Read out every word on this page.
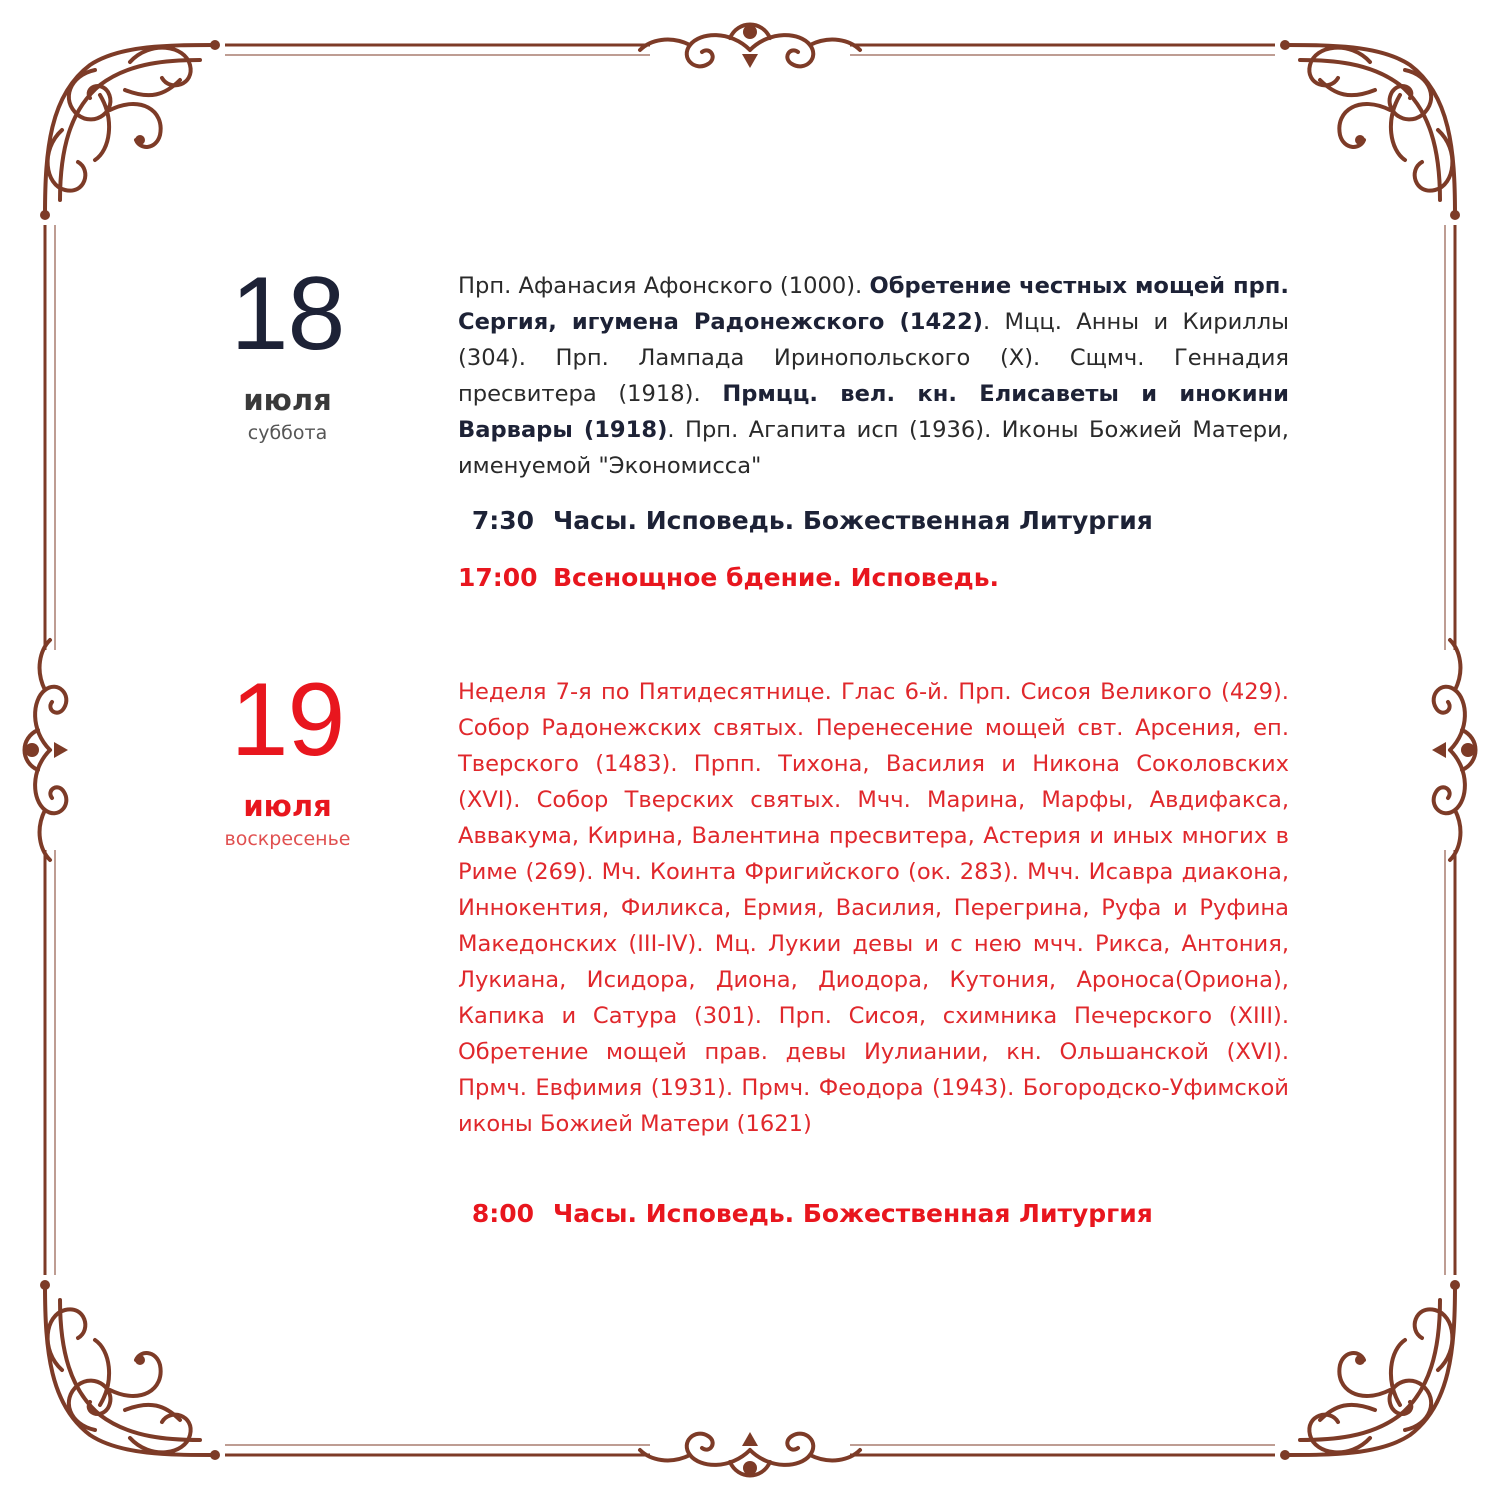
18
июля
суббота

Прп. Афанасия Афонского (1000). Обретение честных мощей прп. Сергия, игумена Радонежского (1422). Мцц. Анны и Кириллы (304). Прп. Лампада Иринопольского (X). Сщмч. Геннадия пресвитера (1918). Прмцц. вел. кн. Елисаветы и инокини Варвары (1918). Прп. Агапита исп (1936). Иконы Божией Матери, именуемой "Экономисса"

7:30 Часы. Исповедь. Божественная Литургия
17:00 Всенощное бдение. Исповедь.
19
июля
воскресенье

Неделя 7-я по Пятидесятнице. Глас 6-й. Прп. Сисоя Великого (429). Собор Радонежских святых. Перенесение мощей свт. Арсения, еп. Тверского (1483). Прпп. Тихона, Василия и Никона Соколовских (XVI). Собор Тверских святых. Мчч. Марина, Марфы, Авдифакса, Аввакума, Кирина, Валентина пресвитера, Астерия и иных многих в Риме (269). Мч. Коинта Фригийского (ок. 283). Мчч. Исавра диакона, Иннокентия, Филикса, Ермия, Василия, Перегрина, Руфа и Руфина Македонских (III-IV). Мц. Лукии девы и с нею мчч. Рикса, Антония, Лукиана, Исидора, Диона, Диодора, Кутония, Ароноса(Ориона), Капика и Сатура (301). Прп. Сисоя, схимника Печерского (XIII). Обретение мощей прав. девы Иулиании, кн. Ольшанской (XVI). Прмч. Евфимия (1931). Прмч. Феодора (1943). Богородско-Уфимской иконы Божией Матери (1621)

8:00 Часы. Исповедь. Божественная Литургия
